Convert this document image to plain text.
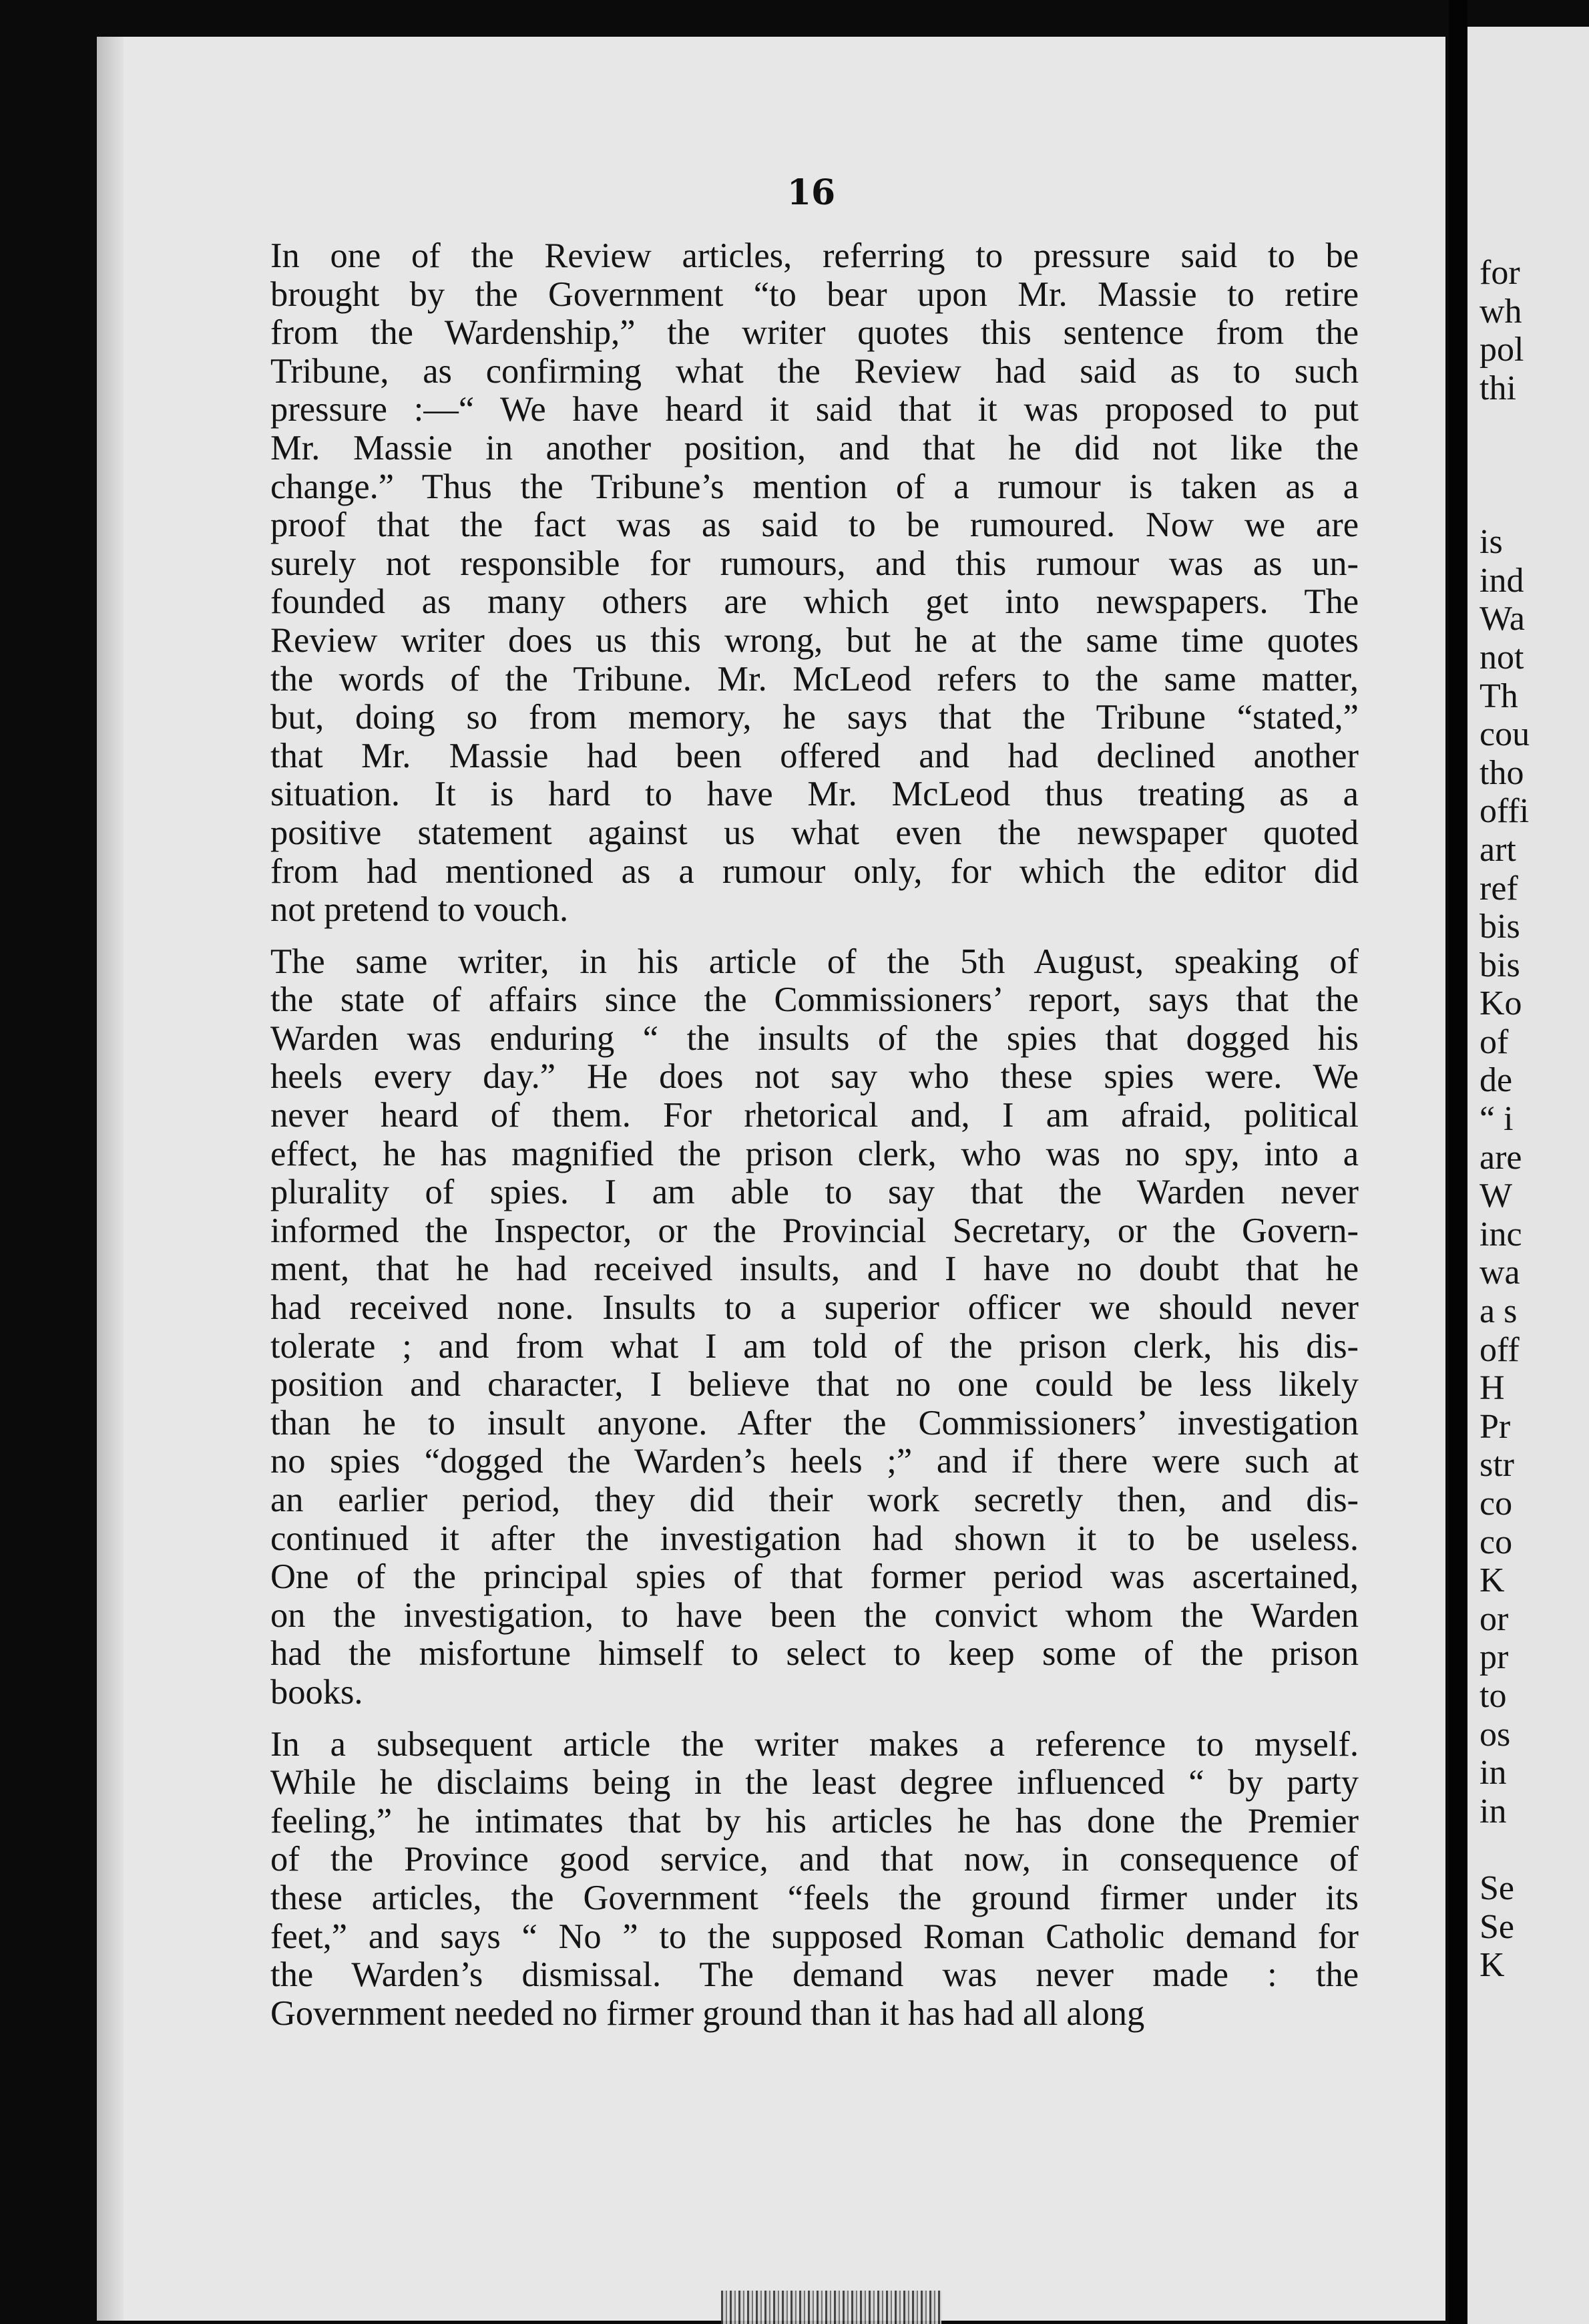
for
wh
pol
thi
is
ind
Wa
not
Th
cou
tho
offi
art
ref
bis
bis
Ko
of
de
“ i
are
W
inc
wa
a s
off
H
Pr
str
co
co
K
or
pr
to
os
in
in
Se
Se
K
16
In one of the Review articles, referring to pressure said to be
brought by the Government “to bear upon Mr. Massie to retire
from the Wardenship,” the writer quotes this sentence from the
Tribune, as confirming what the Review had said as to such
pressure :—“ We have heard it said that it was proposed to put
Mr. Massie in another position, and that he did not like the
change.” Thus the Tribune’s mention of a rumour is taken as a
proof that the fact was as said to be rumoured. Now we are
surely not responsible for rumours, and this rumour was as un-
founded as many others are which get into newspapers. The
Review writer does us this wrong, but he at the same time quotes
the words of the Tribune. Mr. McLeod refers to the same matter,
but, doing so from memory, he says that the Tribune “stated,”
that Mr. Massie had been offered and had declined another
situation. It is hard to have Mr. McLeod thus treating as a
positive statement against us what even the newspaper quoted
from had mentioned as a rumour only, for which the editor did
not pretend to vouch.
The same writer, in his article of the 5th August, speaking of
the state of affairs since the Commissioners’ report, says that the
Warden was enduring “ the insults of the spies that dogged his
heels every day.” He does not say who these spies were. We
never heard of them. For rhetorical and, I am afraid, political
effect, he has magnified the prison clerk, who was no spy, into a
plurality of spies. I am able to say that the Warden never
informed the Inspector, or the Provincial Secretary, or the Govern-
ment, that he had received insults, and I have no doubt that he
had received none. Insults to a superior officer we should never
tolerate ; and from what I am told of the prison clerk, his dis-
position and character, I believe that no one could be less likely
than he to insult anyone. After the Commissioners’ investigation
no spies “dogged the Warden’s heels ;” and if there were such at
an earlier period, they did their work secretly then, and dis-
continued it after the investigation had shown it to be useless.
One of the principal spies of that former period was ascertained,
on the investigation, to have been the convict whom the Warden
had the misfortune himself to select to keep some of the prison
books.
In a subsequent article the writer makes a reference to myself.
While he disclaims being in the least degree influenced “ by party
feeling,” he intimates that by his articles he has done the Premier
of the Province good service, and that now, in consequence of
these articles, the Government “feels the ground firmer under its
feet,” and says “ No ” to the supposed Roman Catholic demand for
the Warden’s dismissal. The demand was never made : the
Government needed no firmer ground than it has had all along
